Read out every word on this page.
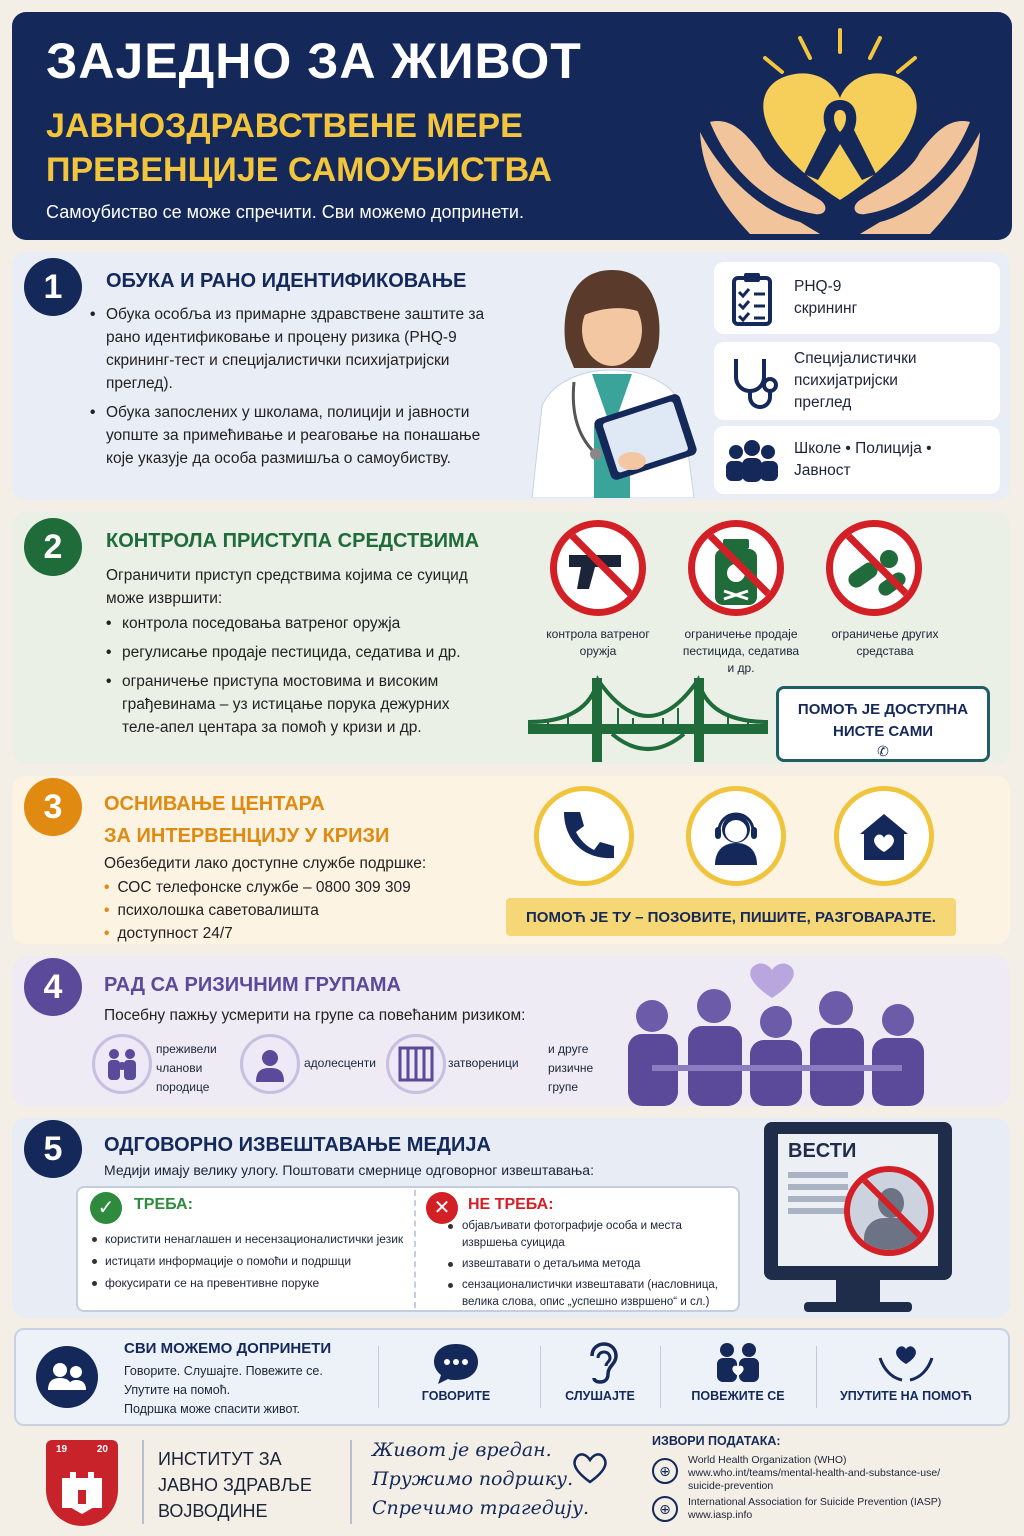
ЗАЈЕДНО ЗА ЖИВОТ
ЈАВНОЗДРАВСТВЕНЕ МЕРЕ
ПРЕВЕНЦИЈЕ САМОУБИСТВА
Самоубиство се може спречити. Сви можемо допринети.
1	ОБУКА И РАНО ИДЕНТИФИКОВАЊЕ
• Обука особља из примарне здравствене заштите за рано идентификовање и процену ризика (PHQ-9 скрининг-тест и специјалистички психијатријски преглед).
• Обука запослених у школама, полицији и јавности уопште за примећивање и реаговање на понашање које указује да особа размишља о самоубиству.
PHQ-9
скрининг
Специјалистички
психијатријски
преглед
Школе • Полиција •
Јавност
2	КОНТРОЛА ПРИСТУПА СРЕДСТВИМА
Ограничити приступ средствима којима се суицид може извршити:
• контрола поседовања ватреног оружја
• регулисање продаје пестицида, седатива и др.
• ограничење приступа мостовима и високим грађевинама – уз истицање порука дежурних теле-апел центара за помоћ у кризи и др.
контрола ватреног
оружја
ограничење продаје
пестицида, седатива
и др.
ограничење других
средстава
ПОМОЋ ЈЕ ДОСТУПНА
НИСТЕ САМИ
✆
3	ОСНИВАЊЕ ЦЕНТАРА
ЗА ИНТЕРВЕНЦИЈУ У КРИЗИ
Обезбедити лако доступне службе подршке:
• СОС телефонске службе – 0800 309 309
• психолошка саветовалишта
• доступност 24/7
ПОМОЋ ЈЕ ТУ – ПОЗОВИТЕ, ПИШИТЕ, РАЗГОВАРАЈТЕ.
4	РАД СА РИЗИЧНИМ ГРУПАМА
Посебну пажњу усмерити на групе са повећаним ризиком:
преживели
чланови
породице
адолесценти	затвореници
и друге
ризичне
групе
5	ОДГОВОРНО ИЗВЕШТАВАЊЕ МЕДИЈА
Медији имају велику улогу. Поштовати смернице одговорног извештавања:
✓	ТРЕБА:
користити ненаглашен и несензационалистички језик
истицати информације о помоћи и подршци
фокусирати се на превентивне поруке
✕	НЕ ТРЕБА:
објављивати фотографије особа и места извршења суицида
извештавати о детаљима метода
сензационалистички извештавати (насловница, велика слова, опис „успешно извршено“ и сл.)
ВЕСТИ
СВИ МОЖЕМО ДОПРИНЕТИ
Говорите. Слушајте. Повежите се.
Упутите на помоћ.
Подршка може спасити живот.
ГОВОРИТЕ	СЛУШАЈТЕ	ПОВЕЖИТЕ СЕ	УПУТИТЕ НА ПОМОЋ
19	20	ИНСТИТУТ ЗА
ЈАВНО ЗДРАВЉЕ
ВОЈВОДИНЕ
Живот је вредан.
Пружимо подршку.
Спречимо трагедију.
ИЗВОРИ ПОДАТАКА:
⊕
World Health Organization (WHO)
www.who.int/teams/mental-health-and-substance-use/
suicide-prevention
⊕	International Association for Suicide Prevention (IASP)
www.iasp.info
